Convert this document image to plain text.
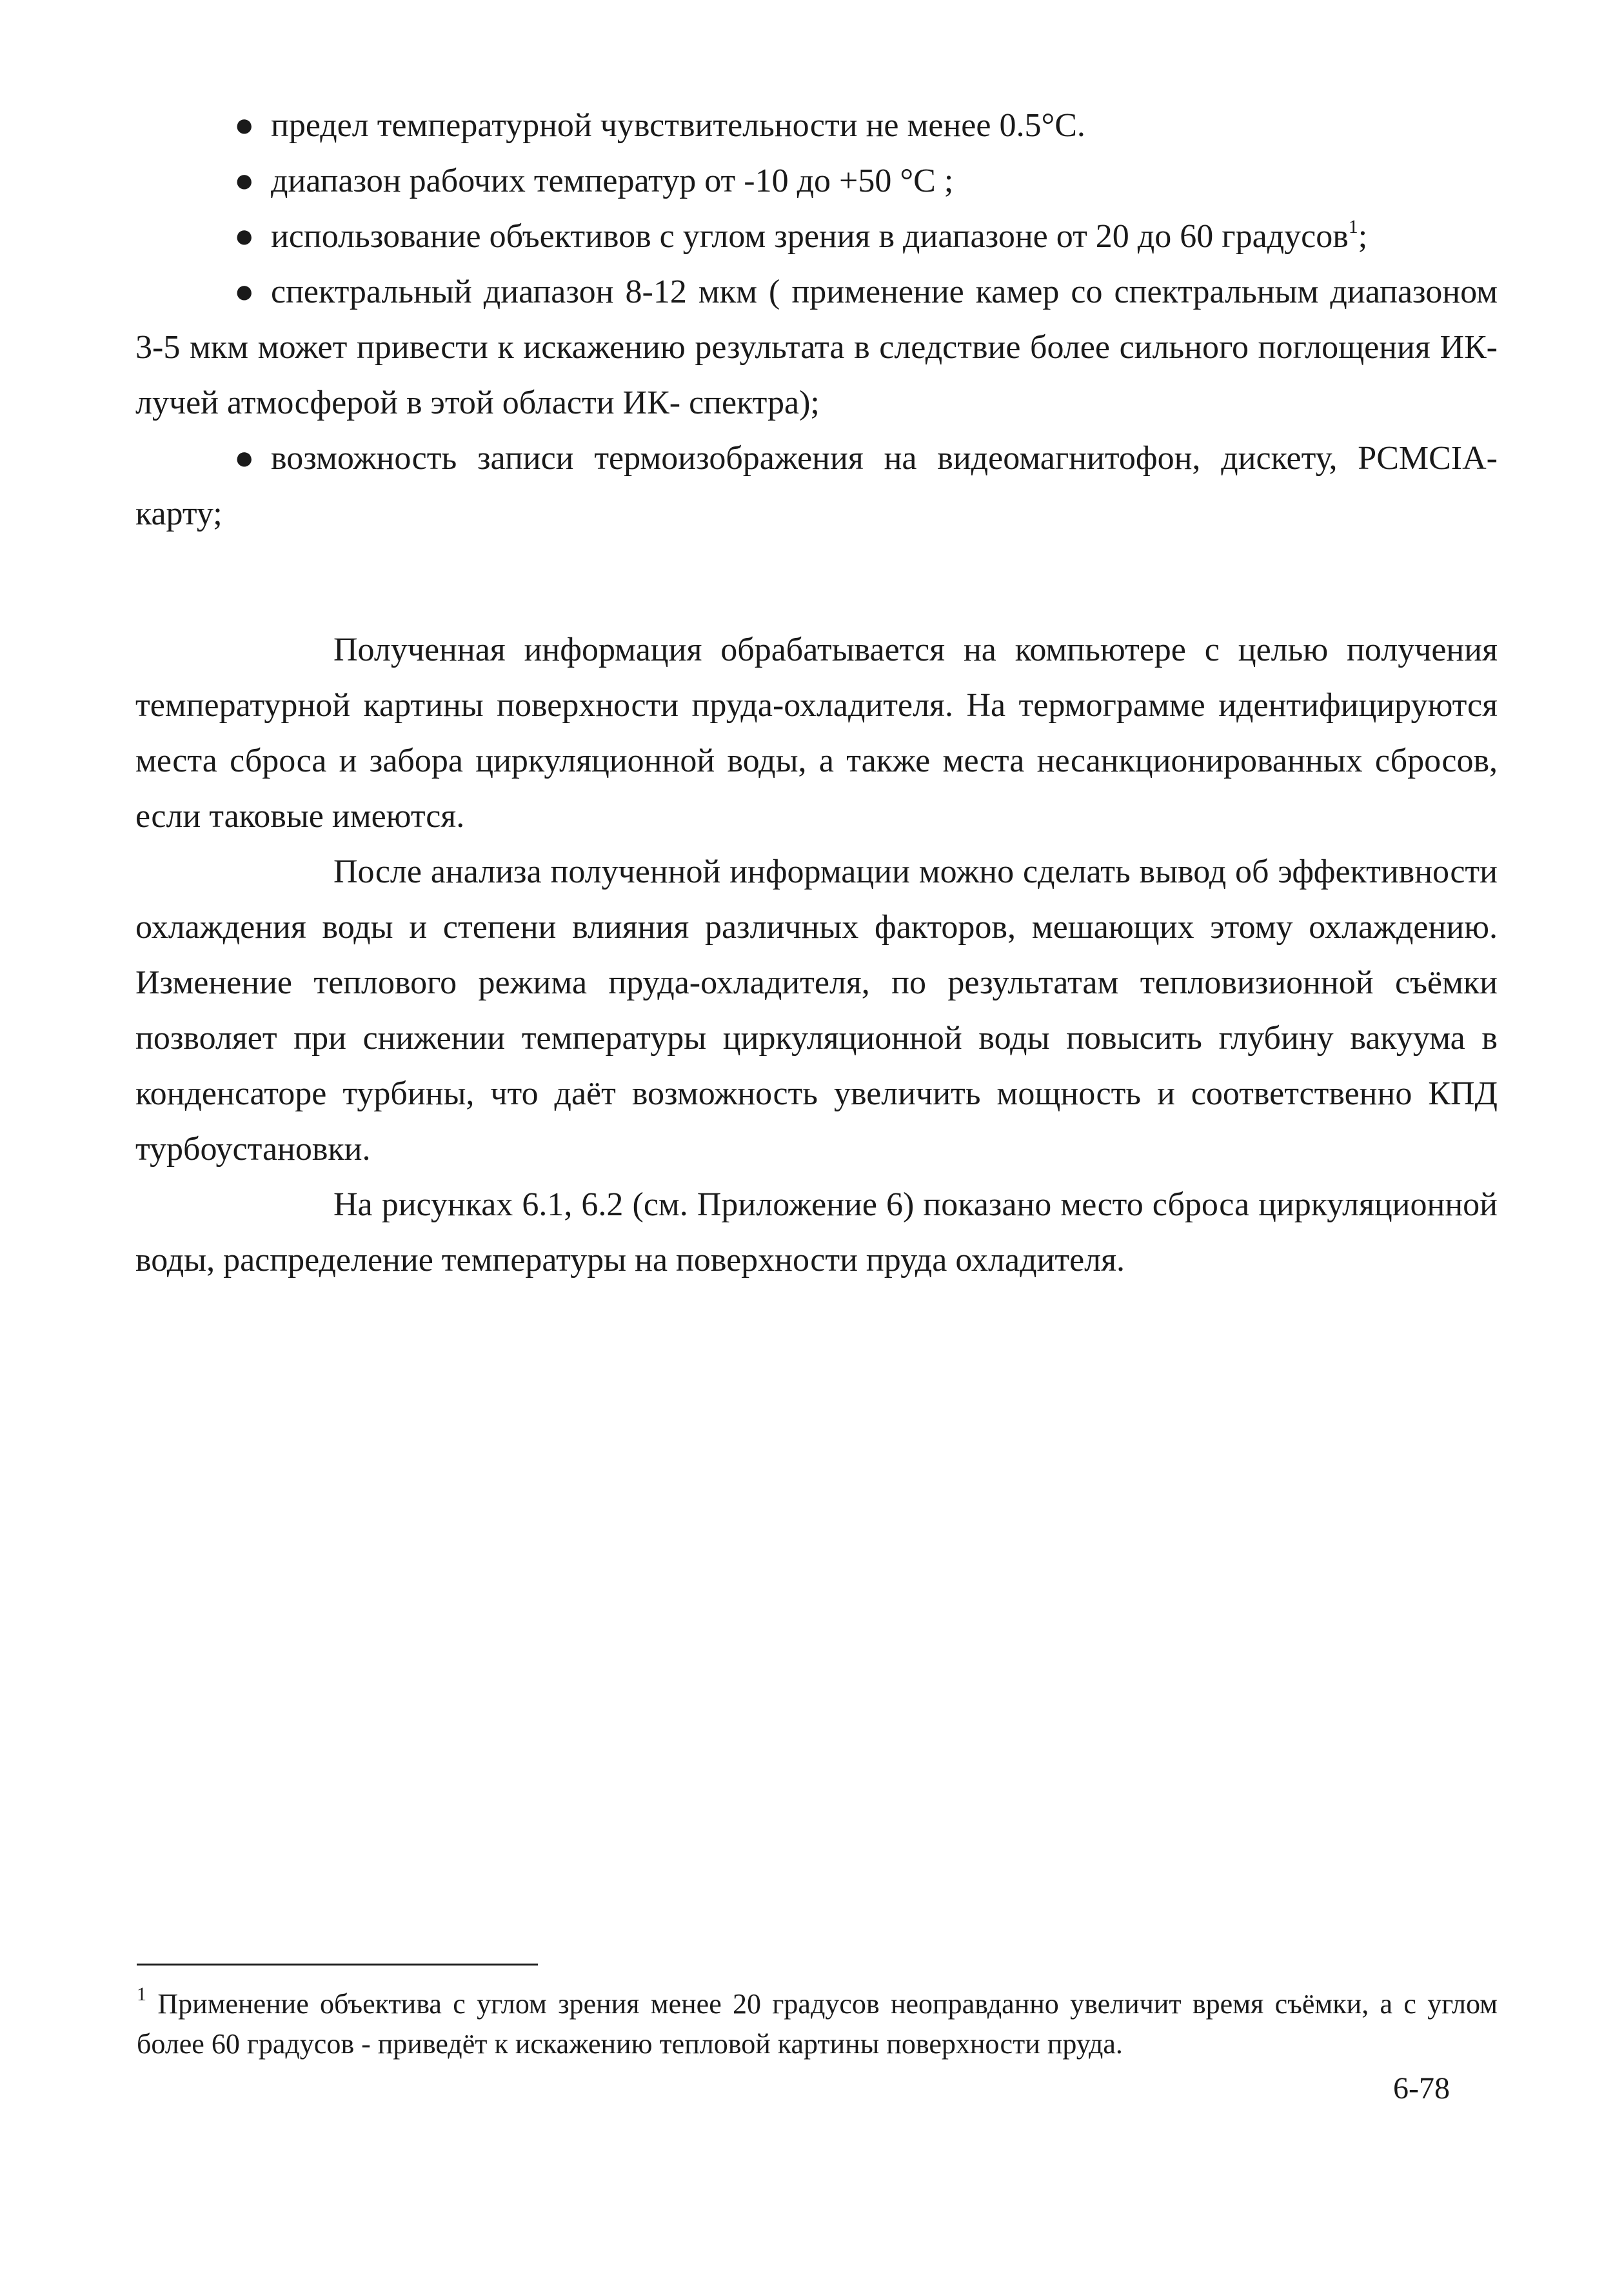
● предел температурной чувствительности не менее 0.5°С.

● диапазон рабочих температур от -10 до +50 °С ;

● использование объективов с углом зрения в диапазоне от 20 до 60 градусов$^1$;

● спектральный диапазон 8-12 мкм ( применение камер со спектральным диапазоном 3-5 мкм может привести к искажению результата в следствие более сильного поглощения ИК-лучей атмосферой в этой области ИК- спектра);

● возможность записи термоизображения на видеомагнитофон, дискету, PCMCIA- карту;

Полученная информация обрабатывается на компьютере с целью получения температурной картины поверхности пруда-охладителя. На термограмме идентифицируются места сброса и забора циркуляционной воды, а также места несанкционированных сбросов, если таковые имеются.

После анализа полученной информации можно сделать вывод об эффективности охлаждения воды и степени влияния различных факторов, мешающих этому охлаждению. Изменение теплового режима пруда-охладителя, по результатам тепловизионной съёмки позволяет при снижении температуры циркуляционной воды повысить глубину вакуума в конденсаторе турбины, что даёт возможность увеличить мощность и соответственно КПД турбоустановки.

На рисунках 6.1, 6.2 (см. Приложение 6) показано место сброса циркуляционной воды, распределение температуры на поверхности пруда охладителя.

$^1$ Применение объектива с углом зрения менее 20 градусов неоправданно увеличит время съёмки, а с углом более 60 градусов - приведёт к искажению тепловой картины поверхности пруда.
6-78
